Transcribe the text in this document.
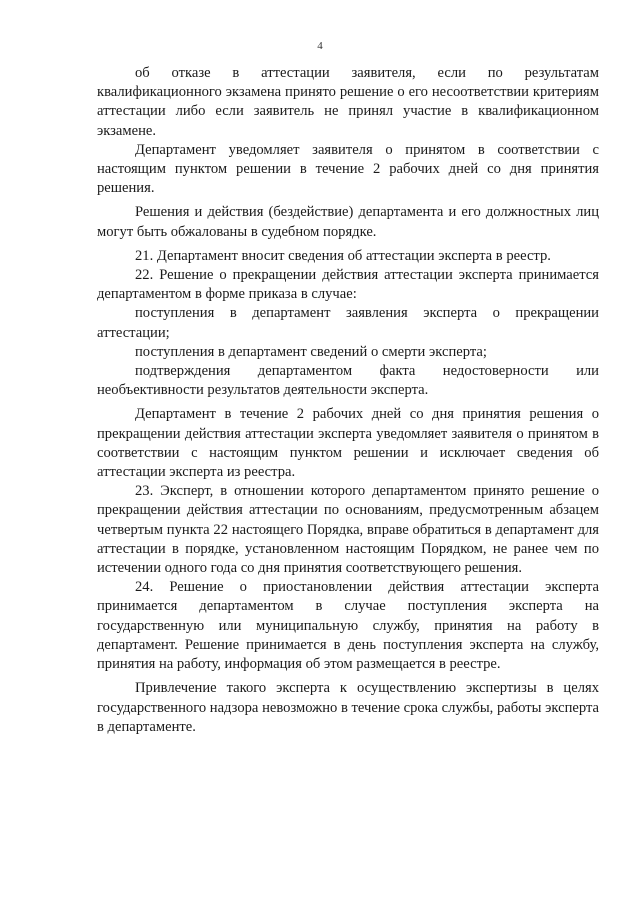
4

об отказе в аттестации заявителя, если по результатам квалификационного экзамена принято решение о его несоответствии критериям аттестации либо если заявитель не принял участие в квалификационном экзамене.

Департамент уведомляет заявителя о принятом в соответствии с настоящим пунктом решении в течение 2 рабочих дней со дня принятия решения.

Решения и действия (бездействие) департамента и его должностных лиц могут быть обжалованы в судебном порядке.

21. Департамент вносит сведения об аттестации эксперта в реестр.

22. Решение о прекращении действия аттестации эксперта принимается департаментом в форме приказа в случае:

поступления в департамент заявления эксперта о прекращении аттестации;

поступления в департамент сведений о смерти эксперта;

подтверждения департаментом факта недостоверности или необъективности результатов деятельности эксперта.

Департамент в течение 2 рабочих дней со дня принятия решения о прекращении действия аттестации эксперта уведомляет заявителя о принятом в соответствии с настоящим пунктом решении и исключает сведения об аттестации эксперта из реестра.

23. Эксперт, в отношении которого департаментом принято решение о прекращении действия аттестации по основаниям, предусмотренным абзацем четвертым пункта 22 настоящего Порядка, вправе обратиться в департамент для аттестации в порядке, установленном настоящим Порядком, не ранее чем по истечении одного года со дня принятия соответствующего решения.

24. Решение о приостановлении действия аттестации эксперта принимается департаментом в случае поступления эксперта на государственную или муниципальную службу, принятия на работу в департамент. Решение принимается в день поступления эксперта на службу, принятия на работу, информация об этом размещается в реестре.

Привлечение такого эксперта к осуществлению экспертизы в целях государственного надзора невозможно в течение срока службы, работы эксперта в департаменте.
